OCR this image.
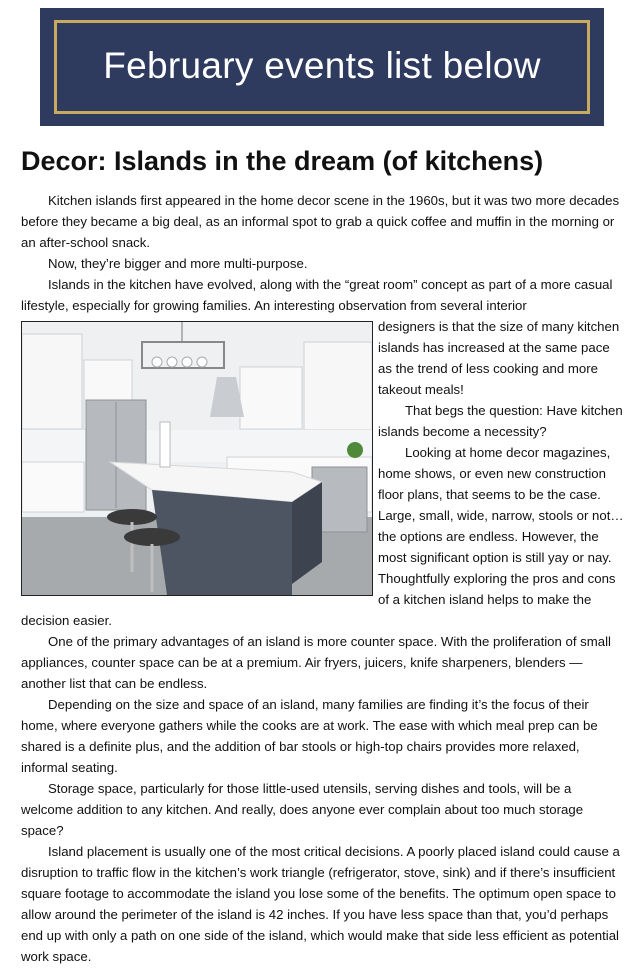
February events list below
Decor: Islands in the dream (of kitchens)

Kitchen islands first appeared in the home decor scene in the 1960s, but it was two more decades before they became a big deal, as an informal spot to grab a quick coffee and muffin in the morning or an after-school snack.

Now, they’re bigger and more multi-purpose.

Islands in the kitchen have evolved, along with the “great room” concept as part of a more casual lifestyle, especially for growing families. An interesting observation from several interior

designers is that the size of many kitchen islands has increased at the same pace as the trend of less cooking and more takeout meals!

That begs the question: Have kitchen islands become a necessity?

Looking at home decor magazines, home shows, or even new construction floor plans, that seems to be the case. Large, small, wide, narrow, stools or not…the options are endless. However, the most significant option is still yay or nay. Thoughtfully exploring the pros and cons of a kitchen island helps to make the decision easier.

One of the primary advantages of an island is more counter space. With the proliferation of small appliances, counter space can be at a premium. Air fryers, juicers, knife sharpeners, blenders — another list that can be endless.

Depending on the size and space of an island, many families are finding it’s the focus of their home, where everyone gathers while the cooks are at work. The ease with which meal prep can be shared is a definite plus, and the addition of bar stools or high-top chairs provides more relaxed, informal seating.

Storage space, particularly for those little-used utensils, serving dishes and tools, will be a welcome addition to any kitchen. And really, does anyone ever complain about too much storage space?

Island placement is usually one of the most critical decisions. A poorly placed island could cause a disruption to traffic flow in the kitchen’s work triangle (refrigerator, stove, sink) and if there’s insufficient square footage to accommodate the island you lose some of the benefits. The optimum open space to allow around the perimeter of the island is 42 inches. If you have less space than that, you’d perhaps end up with only a path on one side of the island, which would make that side less efficient as potential work space.
